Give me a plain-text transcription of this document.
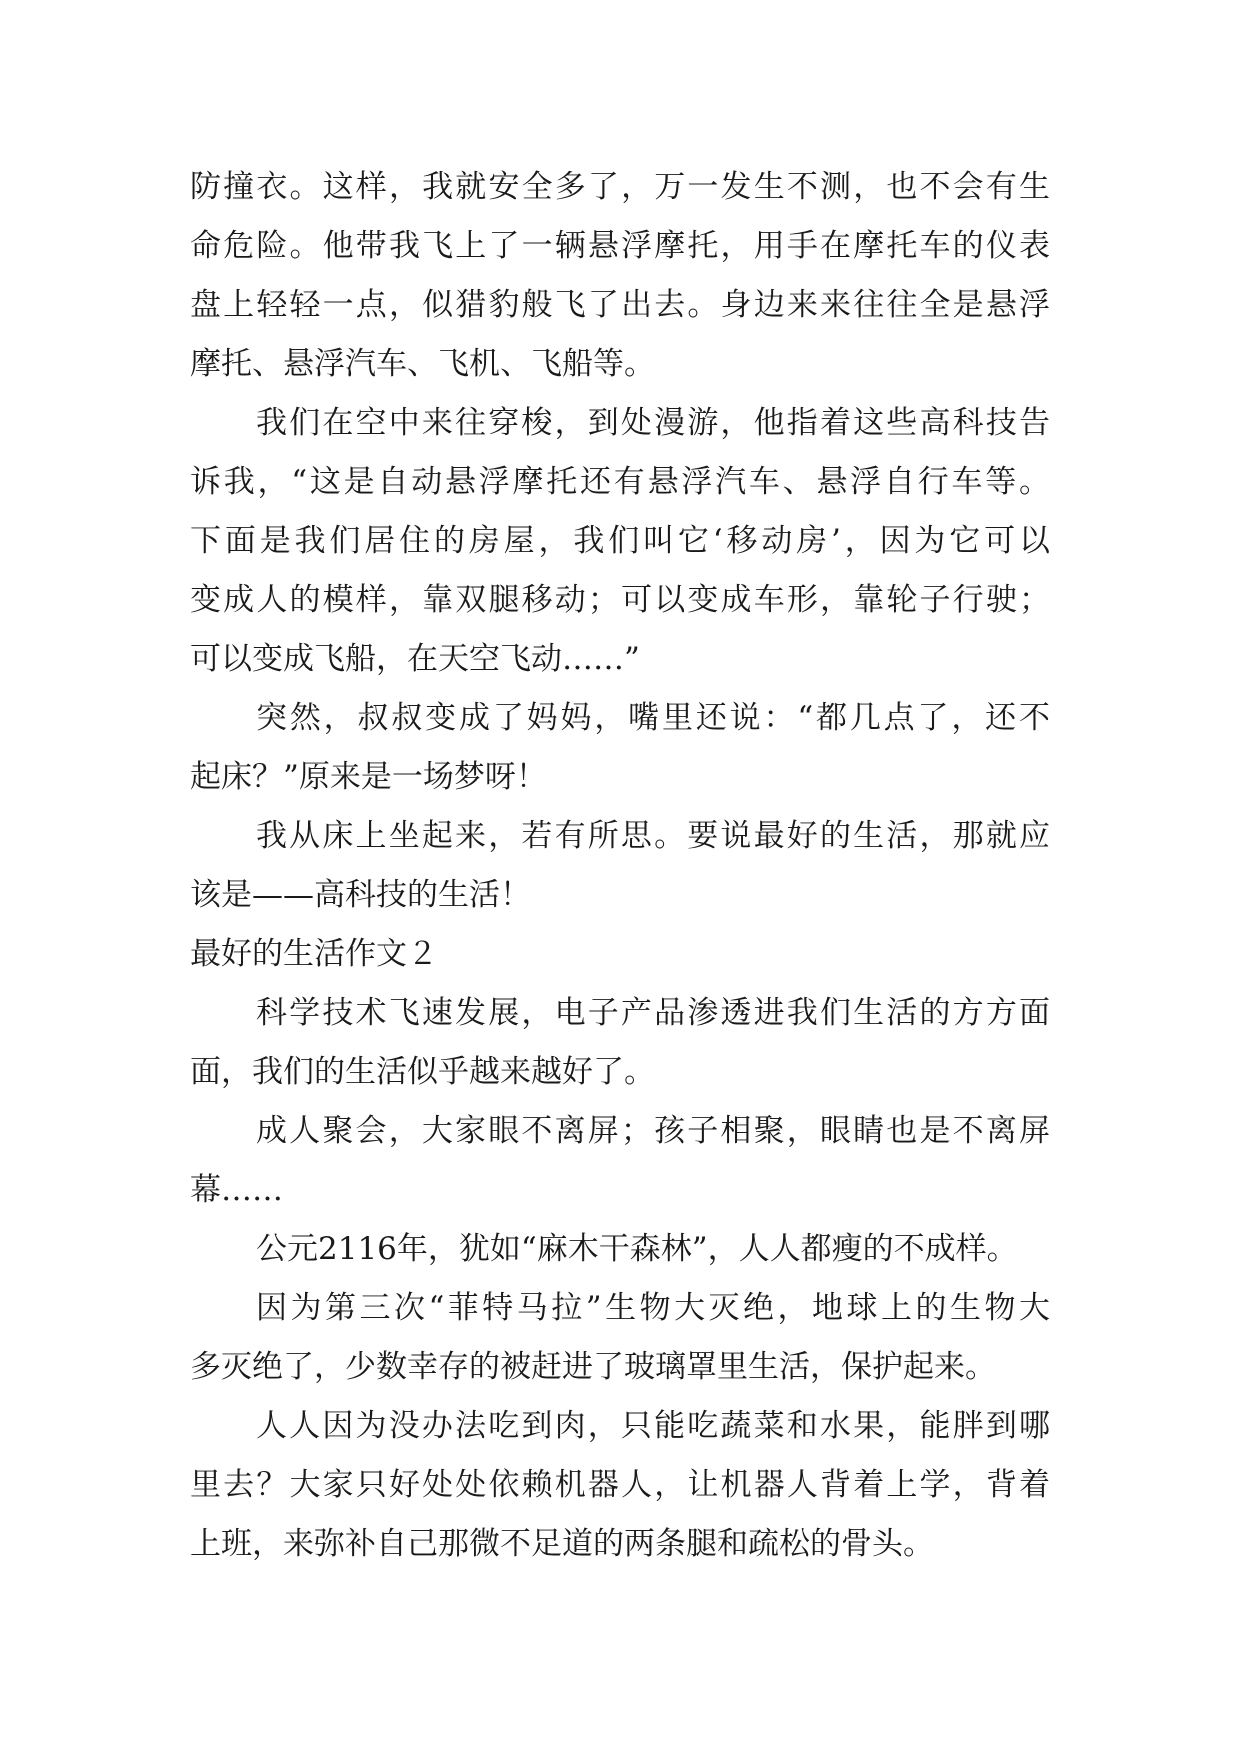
防撞衣。这样，我就安全多了，万一发生不测，也不会有生
命危险。他带我飞上了一辆悬浮摩托，用手在摩托车的仪表
盘上轻轻一点，似猎豹般飞了出去。身边来来往往全是悬浮
摩托、悬浮汽车、飞机、飞船等。
我们在空中来往穿梭，到处漫游，他指着这些高科技告
诉我，“这是自动悬浮摩托还有悬浮汽车、悬浮自行车等。
下面是我们居住的房屋，我们叫它‘移动房’，因为它可以
变成人的模样，靠双腿移动；可以变成车形，靠轮子行驶；
可以变成飞船，在天空飞动……”
突然，叔叔变成了妈妈，嘴里还说：“都几点了，还不
起床？”原来是一场梦呀！
我从床上坐起来，若有所思。要说最好的生活，那就应
该是——高科技的生活！
最好的生活作文２
科学技术飞速发展，电子产品渗透进我们生活的方方面
面，我们的生活似乎越来越好了。
成人聚会，大家眼不离屏；孩子相聚，眼睛也是不离屏
幕……
公元2116年，犹如“麻木干森林”，人人都瘦的不成样。
因为第三次“菲特马拉”生物大灭绝，地球上的生物大
多灭绝了，少数幸存的被赶进了玻璃罩里生活，保护起来。
人人因为没办法吃到肉，只能吃蔬菜和水果，能胖到哪
里去？大家只好处处依赖机器人，让机器人背着上学，背着
上班，来弥补自己那微不足道的两条腿和疏松的骨头。
